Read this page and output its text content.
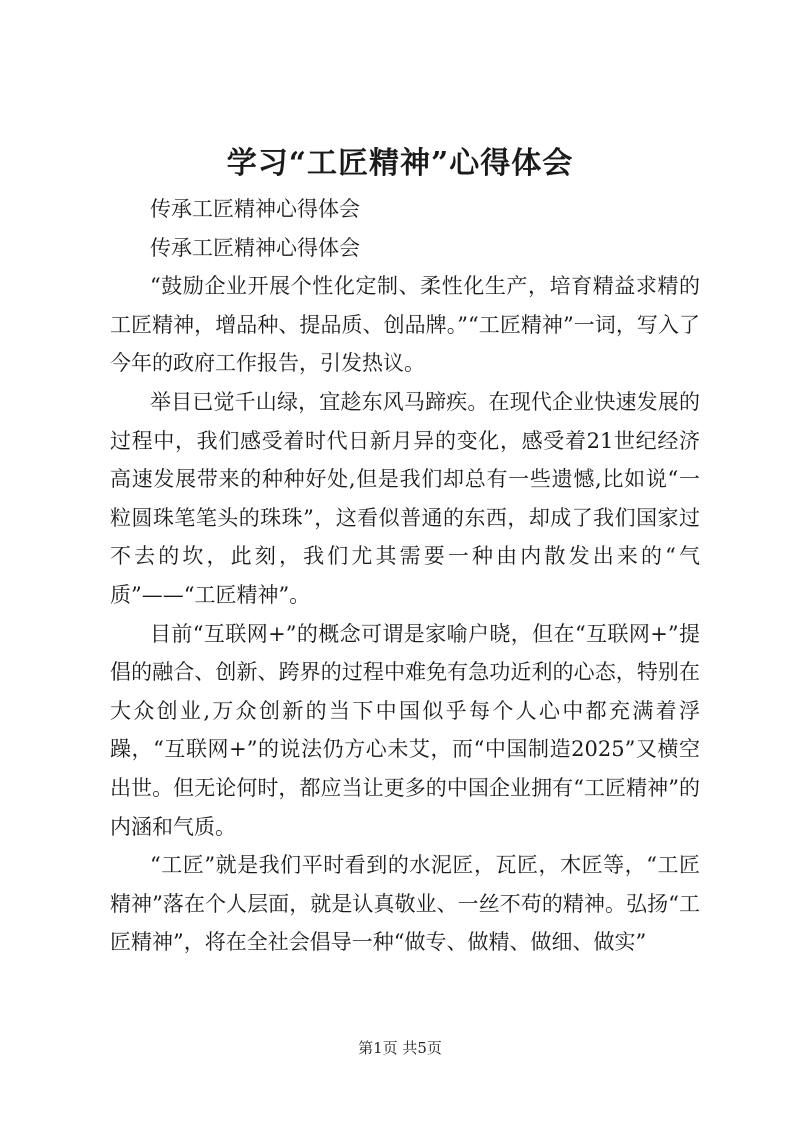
学习“工匠精神”心得体会

传承工匠精神心得体会

传承工匠精神心得体会

“鼓励企业开展个性化定制、柔性化生产，培育精益求精的工匠精神，增品种、提品质、创品牌。”“工匠精神”一词，写入了今年的政府工作报告，引发热议。

举目已觉千山绿，宜趁东风马蹄疾。在现代企业快速发展的过程中，我们感受着时代日新月异的变化，感受着21世纪经济高速发展带来的种种好处,但是我们却总有一些遗憾,比如说“一粒圆珠笔笔头的珠珠”，这看似普通的东西，却成了我们国家过不去的坎，此刻，我们尤其需要一种由内散发出来的“气质”——“工匠精神”。

目前“互联网+”的概念可谓是家喻户晓，但在“互联网+”提倡的融合、创新、跨界的过程中难免有急功近利的心态，特别在大众创业,万众创新的当下中国似乎每个人心中都充满着浮躁，“互联网+”的说法仍方心未艾，而“中国制造2025”又横空出世。但无论何时，都应当让更多的中国企业拥有“工匠精神”的内涵和气质。

“工匠”就是我们平时看到的水泥匠，瓦匠，木匠等，“工匠精神”落在个人层面，就是认真敬业、一丝不苟的精神。弘扬“工匠精神”，将在全社会倡导一种“做专、做精、做细、做实”

第1页 共5页
